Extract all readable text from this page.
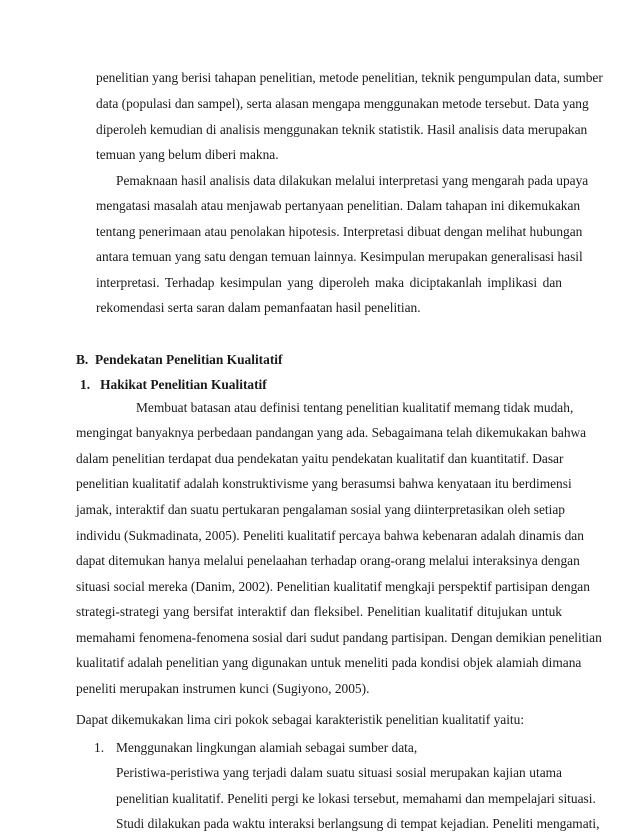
penelitian yang berisi tahapan penelitian, metode penelitian, teknik pengumpulan data, sumber
data (populasi dan sampel), serta alasan mengapa menggunakan metode tersebut. Data yang
diperoleh kemudian di analisis menggunakan teknik statistik. Hasil analisis data merupakan
temuan yang belum diberi makna.
Pemaknaan hasil analisis data dilakukan melalui interpretasi yang mengarah pada upaya
mengatasi masalah atau menjawab pertanyaan penelitian. Dalam tahapan ini dikemukakan
tentang penerimaan atau penolakan hipotesis. Interpretasi dibuat dengan melihat hubungan
antara temuan yang satu dengan temuan lainnya. Kesimpulan merupakan generalisasi hasil
interpretasi. Terhadap kesimpulan yang diperoleh maka diciptakanlah implikasi dan
rekomendasi serta saran dalam pemanfaatan hasil penelitian.
B. Pendekatan Penelitian Kualitatif
1. Hakikat Penelitian Kualitatif
Membuat batasan atau definisi tentang penelitian kualitatif memang tidak mudah,
mengingat banyaknya perbedaan pandangan yang ada. Sebagaimana telah dikemukakan bahwa
dalam penelitian terdapat dua pendekatan yaitu pendekatan kualitatif dan kuantitatif. Dasar
penelitian kualitatif adalah konstruktivisme yang berasumsi bahwa kenyataan itu berdimensi
jamak, interaktif dan suatu pertukaran pengalaman sosial yang diinterpretasikan oleh setiap
individu (Sukmadinata, 2005). Peneliti kualitatif percaya bahwa kebenaran adalah dinamis dan
dapat ditemukan hanya melalui penelaahan terhadap orang-orang melalui interaksinya dengan
situasi social mereka (Danim, 2002). Penelitian kualitatif mengkaji perspektif partisipan dengan
strategi-strategi yang bersifat interaktif dan fleksibel. Penelitian kualitatif ditujukan untuk
memahami fenomena-fenomena sosial dari sudut pandang partisipan. Dengan demikian penelitian
kualitatif adalah penelitian yang digunakan untuk meneliti pada kondisi objek alamiah dimana
peneliti merupakan instrumen kunci (Sugiyono, 2005).
Dapat dikemukakan lima ciri pokok sebagai karakteristik penelitian kualitatif yaitu:
1. Menggunakan lingkungan alamiah sebagai sumber data,
Peristiwa-peristiwa yang terjadi dalam suatu situasi sosial merupakan kajian utama
penelitian kualitatif. Peneliti pergi ke lokasi tersebut, memahami dan mempelajari situasi.
Studi dilakukan pada waktu interaksi berlangsung di tempat kejadian. Peneliti mengamati,
